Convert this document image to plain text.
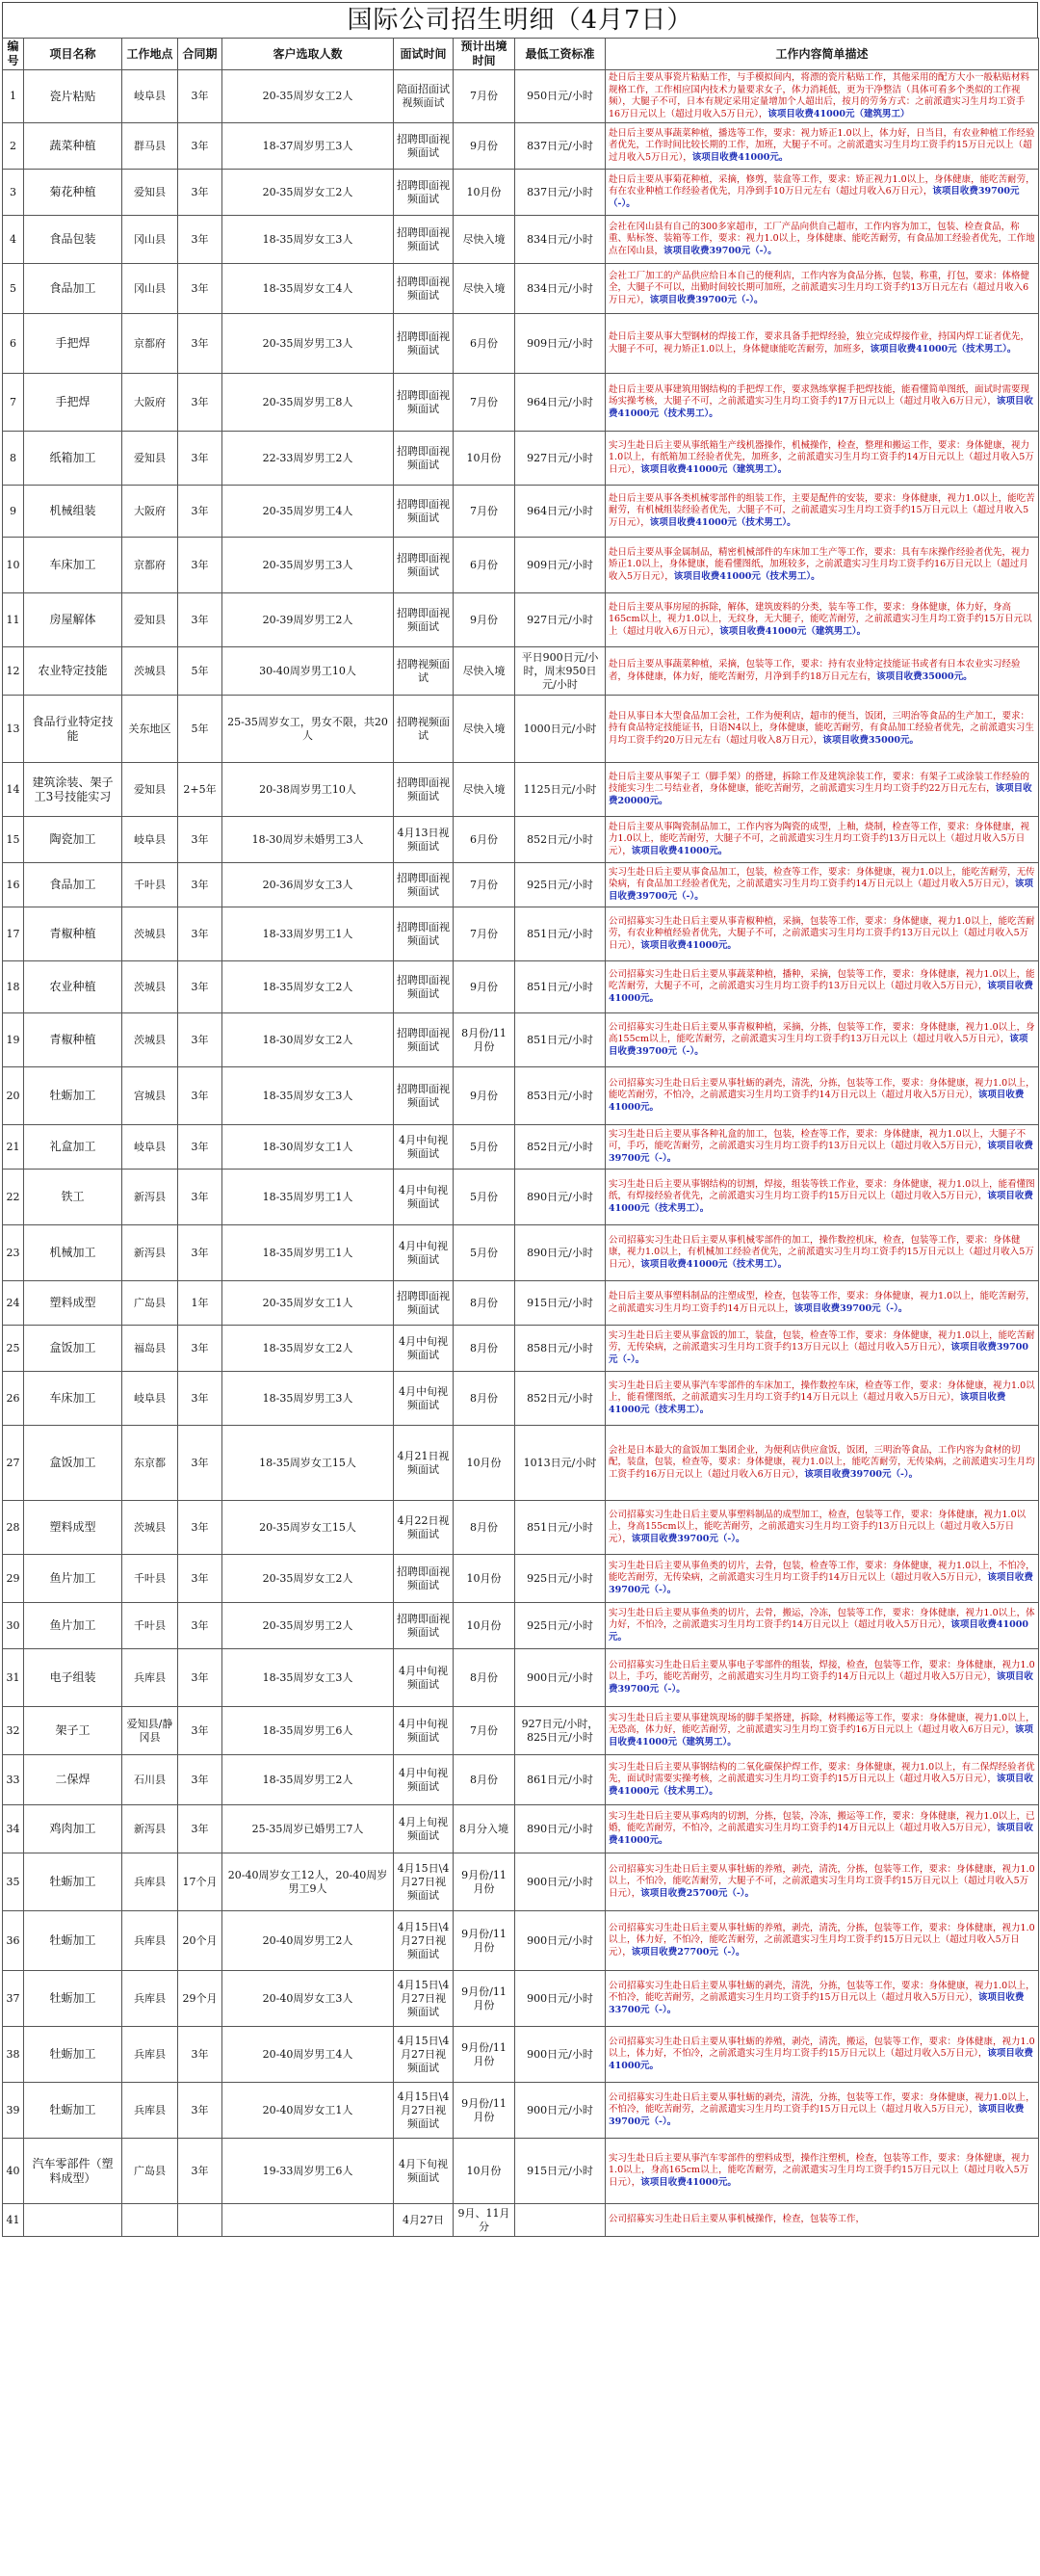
国际公司招生明细（4月7日）
编号	项目名称	工作地点	合同期	客户选取人数	面试时间	预计出境时间	最低工资标准	工作内容简单描述
1	瓷片粘贴	岐阜县	3年	20-35周岁女工2人	陪面招面试视频面试	7月份	950日元/小时	赴日后主要从事瓷片粘贴工作，与手模拟间内，将漂的瓷片粘贴工作，其他采用的配方大小一般粘贴材料规格工作，工作相应国内技术力量要求女子，体力消耗低，更为干净整洁（具体可看多个类似的工作视频），大腿子不可，日本有规定采用定量增加个人超出后，按月的劳务方式：之前派遣实习生月均工资手16万日元以上（超过月收入5万日元），该项目收费41000元（建筑男工）
2	蔬菜种植	群马县	3年	18-37周岁男工3人	招聘即面视频面试	9月份	837日元/小时	赴日后主要从事蔬菜种植，播选等工作，要求：视力矫正1.0以上，体力好，日当目，有农业种植工作经验者优先，工作时间比较长期的工作，加班，大腿子不可。之前派遣实习生月均工资手约15万日元以上（超过月收入5万日元），该项目收费41000元。
3	菊花种植	爱知县	3年	20-35周岁女工2人	招聘即面视频面试	10月份	837日元/小时	赴日后主要从事菊花种植，采摘，修剪，装盒等工作，要求：矫正视力1.0以上，身体健康，能吃苦耐劳，有在农业种植工作经验者优先，月净到手10万日元左右（超过月收入6万日元），该项目收费39700元（-）。
4	食品包装	冈山县	3年	18-35周岁女工3人	招聘即面视频面试	尽快入境	834日元/小时	会社在冈山县有自己的300多家超市，工厂产品向供自己超市，工作内容为加工，包装、检查食品，称重、贴标签、装箱等工作，要求：视力1.0以上，身体健康、能吃苦耐劳，有食品加工经验者优先，工作地点在冈山县，该项目收费39700元（-）。
5	食品加工	冈山县	3年	18-35周岁女工4人	招聘即面视频面试	尽快入境	834日元/小时	会社工厂加工的产品供应给日本自己的便利店，工作内容为食品分拣，包装，称重，打包，要求：体格健全，大腿子不可以，出勤时间较长期可加班，之前派遣实习生月均工资手约13万日元左右（超过月收入6万日元），该项目收费39700元（-）。
6	手把焊	京都府	3年	20-35周岁男工3人	招聘即面视频面试	6月份	909日元/小时	赴日后主要从事大型钢材的焊接工作，要求具备手把焊经验，独立完成焊接作业，持国内焊工证者优先，大腿子不可，视力矫正1.0以上，身体健康能吃苦耐劳，加班多，该项目收费41000元（技术男工）。
7	手把焊	大阪府	3年	20-35周岁男工8人	招聘即面视频面试	7月份	964日元/小时	赴日后主要从事建筑用钢结构的手把焊工作，要求熟练掌握手把焊技能，能看懂简单图纸，面试时需要现场实操考核，大腿子不可，之前派遣实习生月均工资手约17万日元以上（超过月收入6万日元），该项目收费41000元（技术男工）。
8	纸箱加工	爱知县	3年	22-33周岁男工2人	招聘即面视频面试	10月份	927日元/小时	实习生赴日后主要从事纸箱生产线机器操作，机械操作，检查，整理和搬运工作，要求：身体健康，视力1.0以上，有纸箱加工经验者优先，加班多，之前派遣实习生月均工资手约14万日元以上（超过月收入5万日元），该项目收费41000元（建筑男工）。
9	机械组装	大阪府	3年	20-35周岁男工4人	招聘即面视频面试	7月份	964日元/小时	赴日后主要从事各类机械零部件的组装工作，主要是配件的安装，要求：身体健康，视力1.0以上，能吃苦耐劳，有机械组装经验者优先，大腿子不可，之前派遣实习生月均工资手约15万日元以上（超过月收入5万日元），该项目收费41000元（技术男工）。
10	车床加工	京都府	3年	20-35周岁男工3人	招聘即面视频面试	6月份	909日元/小时	赴日后主要从事金属制品，精密机械部件的车床加工生产等工作，要求：具有车床操作经验者优先，视力矫正1.0以上，身体健康，能看懂图纸，加班较多，之前派遣实习生月均工资手约16万日元以上（超过月收入5万日元），该项目收费41000元（技术男工）。
11	房屋解体	爱知县	3年	20-39周岁男工2人	招聘即面视频面试	9月份	927日元/小时	赴日后主要从事房屋的拆除，解体，建筑废料的分类，装车等工作，要求：身体健康，体力好，身高165cm以上，视力1.0以上，无纹身，无大腿子，能吃苦耐劳，之前派遣实习生月均工资手约15万日元以上（超过月收入6万日元），该项目收费41000元（建筑男工）。
12	农业特定技能	茨城县	5年	30-40周岁男工10人	招聘视频面试	尽快入境	平日900日元/小时，周末950日元/小时	赴日后主要从事蔬菜种植，采摘，包装等工作，要求：持有农业特定技能证书或者有日本农业实习经验者，身体健康，体力好，能吃苦耐劳，月净到手约18万日元左右，该项目收费35000元。
13	食品行业特定技能	关东地区	5年	25-35周岁女工，男女不限，共20人	招聘视频面试	尽快入境	1000日元/小时	赴日从事日本大型食品加工会社，工作为便利店，超市的便当，饭团，三明治等食品的生产加工，要求：持有食品特定技能证书，日语N4以上，身体健康，能吃苦耐劳，有食品加工经验者优先，之前派遣实习生月均工资手约20万日元左右（超过月收入8万日元），该项目收费35000元。
14	建筑涂装、架子工3号技能实习	爱知县	2+5年	20-38周岁男工10人	招聘即面视频面试	尽快入境	1125日元/小时	赴日后主要从事架子工（脚手架）的搭建，拆除工作及建筑涂装工作，要求：有架子工或涂装工作经验的技能实习生二号结业者，身体健康，能吃苦耐劳，之前派遣实习生月均工资手约22万日元左右，该项目收费20000元。
15	陶瓷加工	岐阜县	3年	18-30周岁未婚男工3人	4月13日视频面试	6月份	852日元/小时	赴日后主要从事陶瓷制品加工，工作内容为陶瓷的成型，上釉，烧制，检查等工作，要求：身体健康，视力1.0以上，能吃苦耐劳，大腿子不可，之前派遣实习生月均工资手约13万日元以上（超过月收入5万日元），该项目收费41000元。
16	食品加工	千叶县	3年	20-36周岁女工3人	招聘即面视频面试	7月份	925日元/小时	实习生赴日后主要从事食品加工，包装，检查等工作，要求：身体健康，视力1.0以上，能吃苦耐劳，无传染病，有食品加工经验者优先，之前派遣实习生月均工资手约14万日元以上（超过月收入5万日元），该项目收费39700元（-）。
17	青椒种植	茨城县	3年	18-33周岁男工1人	招聘即面视频面试	7月份	851日元/小时	公司招募实习生赴日后主要从事青椒种植，采摘，包装等工作，要求：身体健康，视力1.0以上，能吃苦耐劳，有农业种植经验者优先，大腿子不可，之前派遣实习生月均工资手约13万日元以上（超过月收入5万日元），该项目收费41000元。
18	农业种植	茨城县	3年	18-35周岁女工2人	招聘即面视频面试	9月份	851日元/小时	公司招募实习生赴日后主要从事蔬菜种植，播种，采摘，包装等工作，要求：身体健康，视力1.0以上，能吃苦耐劳，大腿子不可，之前派遣实习生月均工资手约13万日元以上（超过月收入5万日元），该项目收费41000元。
19	青椒种植	茨城县	3年	18-30周岁女工2人	招聘即面视频面试	8月份/11月份	851日元/小时	公司招募实习生赴日后主要从事青椒种植，采摘，分拣，包装等工作，要求：身体健康，视力1.0以上，身高155cm以上，能吃苦耐劳，之前派遣实习生月均工资手约13万日元以上（超过月收入5万日元），该项目收费39700元（-）。
20	牡蛎加工	宫城县	3年	18-35周岁女工3人	招聘即面视频面试	9月份	853日元/小时	公司招募实习生赴日后主要从事牡蛎的剥壳，清洗，分拣，包装等工作，要求：身体健康，视力1.0以上，能吃苦耐劳，不怕冷，之前派遣实习生月均工资手约14万日元以上（超过月收入5万日元），该项目收费41000元。
21	礼盒加工	岐阜县	3年	18-30周岁女工1人	4月中旬视频面试	5月份	852日元/小时	实习生赴日后主要从事各种礼盒的加工，包装，检查等工作，要求：身体健康，视力1.0以上，大腿子不可，手巧，能吃苦耐劳，之前派遣实习生月均工资手约13万日元以上（超过月收入5万日元），该项目收费39700元（-）。
22	铁工	新泻县	3年	18-35周岁男工1人	4月中旬视频面试	5月份	890日元/小时	实习生赴日后主要从事钢结构的切割，焊接，组装等铁工作业，要求：身体健康，视力1.0以上，能看懂图纸，有焊接经验者优先，之前派遣实习生月均工资手约15万日元以上（超过月收入5万日元），该项目收费41000元（技术男工）。
23	机械加工	新泻县	3年	18-35周岁男工1人	4月中旬视频面试	5月份	890日元/小时	公司招募实习生赴日后主要从事机械零部件的加工，操作数控机床，检查，包装等工作，要求：身体健康，视力1.0以上，有机械加工经验者优先，之前派遣实习生月均工资手约15万日元以上（超过月收入5万日元），该项目收费41000元（技术男工）。
24	塑料成型	广岛县	1年	20-35周岁女工1人	招聘即面视频面试	8月份	915日元/小时	赴日后主要从事塑料制品的注塑成型，检查，包装等工作，要求：身体健康，视力1.0以上，能吃苦耐劳，之前派遣实习生月均工资手约14万日元以上，该项目收费39700元（-）。
25	盒饭加工	福岛县	3年	18-35周岁女工2人	4月中旬视频面试	8月份	858日元/小时	实习生赴日后主要从事盒饭的加工，装盘，包装，检查等工作，要求：身体健康，视力1.0以上，能吃苦耐劳，无传染病，之前派遣实习生月均工资手约13万日元以上（超过月收入5万日元），该项目收费39700元（-）。
26	车床加工	岐阜县	3年	18-35周岁男工3人	4月中旬视频面试	8月份	852日元/小时	实习生赴日后主要从事汽车零部件的车床加工，操作数控车床，检查等工作，要求：身体健康，视力1.0以上，能看懂图纸，之前派遣实习生月均工资手约14万日元以上（超过月收入5万日元），该项目收费41000元（技术男工）。
27	盒饭加工	东京都	3年	18-35周岁女工15人	4月21日视频面试	10月份	1013日元/小时	会社是日本最大的盒饭加工集团企业，为便利店供应盒饭，饭团，三明治等食品，工作内容为食材的切配，装盘，包装，检查等，要求：身体健康，视力1.0以上，能吃苦耐劳，无传染病，之前派遣实习生月均工资手约16万日元以上（超过月收入6万日元），该项目收费39700元（-）。
28	塑料成型	茨城县	3年	20-35周岁女工15人	4月22日视频面试	8月份	851日元/小时	公司招募实习生赴日后主要从事塑料制品的成型加工，检查，包装等工作，要求：身体健康，视力1.0以上，身高155cm以上，能吃苦耐劳，之前派遣实习生月均工资手约13万日元以上（超过月收入5万日元），该项目收费39700元（-）。
29	鱼片加工	千叶县	3年	20-35周岁女工2人	招聘即面视频面试	10月份	925日元/小时	实习生赴日后主要从事鱼类的切片，去骨，包装，检查等工作，要求：身体健康，视力1.0以上，不怕冷，能吃苦耐劳，无传染病，之前派遣实习生月均工资手约14万日元以上（超过月收入5万日元），该项目收费39700元（-）。
30	鱼片加工	千叶县	3年	20-35周岁男工2人	招聘即面视频面试	10月份	925日元/小时	实习生赴日后主要从事鱼类的切片，去骨，搬运，冷冻，包装等工作，要求：身体健康，视力1.0以上，体力好，不怕冷，之前派遣实习生月均工资手约14万日元以上（超过月收入5万日元），该项目收费41000元。
31	电子组装	兵库县	3年	18-35周岁女工3人	4月中旬视频面试	8月份	900日元/小时	公司招募实习生赴日后主要从事电子零部件的组装，焊接，检查，包装等工作，要求：身体健康，视力1.0以上，手巧，能吃苦耐劳，之前派遣实习生月均工资手约14万日元以上（超过月收入5万日元），该项目收费39700元（-）。
32	架子工	爱知县/静冈县	3年	18-35周岁男工6人	4月中旬视频面试	7月份	927日元/小时，825日元/小时	实习生赴日后主要从事建筑现场的脚手架搭建，拆除，材料搬运等工作，要求：身体健康，视力1.0以上，无恐高，体力好，能吃苦耐劳，之前派遣实习生月均工资手约16万日元以上（超过月收入6万日元），该项目收费41000元（建筑男工）。
33	二保焊	石川县	3年	18-35周岁男工2人	4月中旬视频面试	8月份	861日元/小时	实习生赴日后主要从事钢结构的二氧化碳保护焊工作，要求：身体健康，视力1.0以上，有二保焊经验者优先，面试时需要实操考核，之前派遣实习生月均工资手约15万日元以上（超过月收入5万日元），该项目收费41000元（技术男工）。
34	鸡肉加工	新泻县	3年	25-35周岁已婚男工7人	4月上旬视频面试	8月分入境	890日元/小时	实习生赴日后主要从事鸡肉的切割，分拣，包装，冷冻，搬运等工作，要求：身体健康，视力1.0以上，已婚，能吃苦耐劳，不怕冷，之前派遣实习生月均工资手约14万日元以上（超过月收入5万日元），该项目收费41000元。
35	牡蛎加工	兵库县	17个月	20-40周岁女工12人，20-40周岁男工9人	4月15日\4月27日视频面试	9月份/11月份	900日元/小时	公司招募实习生赴日后主要从事牡蛎的养殖，剥壳，清洗，分拣，包装等工作，要求：身体健康，视力1.0以上，不怕冷，能吃苦耐劳，大腿子不可，之前派遣实习生月均工资手约15万日元以上（超过月收入5万日元），该项目收费25700元（-）。
36	牡蛎加工	兵库县	20个月	20-40周岁男工2人	4月15日\4月27日视频面试	9月份/11月份	900日元/小时	公司招募实习生赴日后主要从事牡蛎的养殖，剥壳，清洗，分拣，包装等工作，要求：身体健康，视力1.0以上，体力好，不怕冷，能吃苦耐劳，之前派遣实习生月均工资手约15万日元以上（超过月收入5万日元），该项目收费27700元（-）。
37	牡蛎加工	兵库县	29个月	20-40周岁女工3人	4月15日\4月27日视频面试	9月份/11月份	900日元/小时	公司招募实习生赴日后主要从事牡蛎的剥壳，清洗，分拣，包装等工作，要求：身体健康，视力1.0以上，不怕冷，能吃苦耐劳，之前派遣实习生月均工资手约15万日元以上（超过月收入5万日元），该项目收费33700元（-）。
38	牡蛎加工	兵库县	3年	20-40周岁男工4人	4月15日\4月27日视频面试	9月份/11月份	900日元/小时	公司招募实习生赴日后主要从事牡蛎的养殖，剥壳，清洗，搬运，包装等工作，要求：身体健康，视力1.0以上，体力好，不怕冷，之前派遣实习生月均工资手约15万日元以上（超过月收入5万日元），该项目收费41000元。
39	牡蛎加工	兵库县	3年	20-40周岁女工1人	4月15日\4月27日视频面试	9月份/11月份	900日元/小时	公司招募实习生赴日后主要从事牡蛎的剥壳，清洗，分拣，包装等工作，要求：身体健康，视力1.0以上，不怕冷，能吃苦耐劳，之前派遣实习生月均工资手约15万日元以上（超过月收入5万日元），该项目收费39700元（-）。
40	汽车零部件（塑料成型）	广岛县	3年	19-33周岁男工6人	4月下旬视频面试	10月份	915日元/小时	实习生赴日后主要从事汽车零部件的塑料成型，操作注塑机，检查，包装等工作，要求：身体健康，视力1.0以上，身高165cm以上，能吃苦耐劳，之前派遣实习生月均工资手约15万日元以上（超过月收入5万日元），该项目收费41000元。
41					4月27日	9月、11月分		公司招募实习生赴日后主要从事机械操作，检查，包装等工作，
